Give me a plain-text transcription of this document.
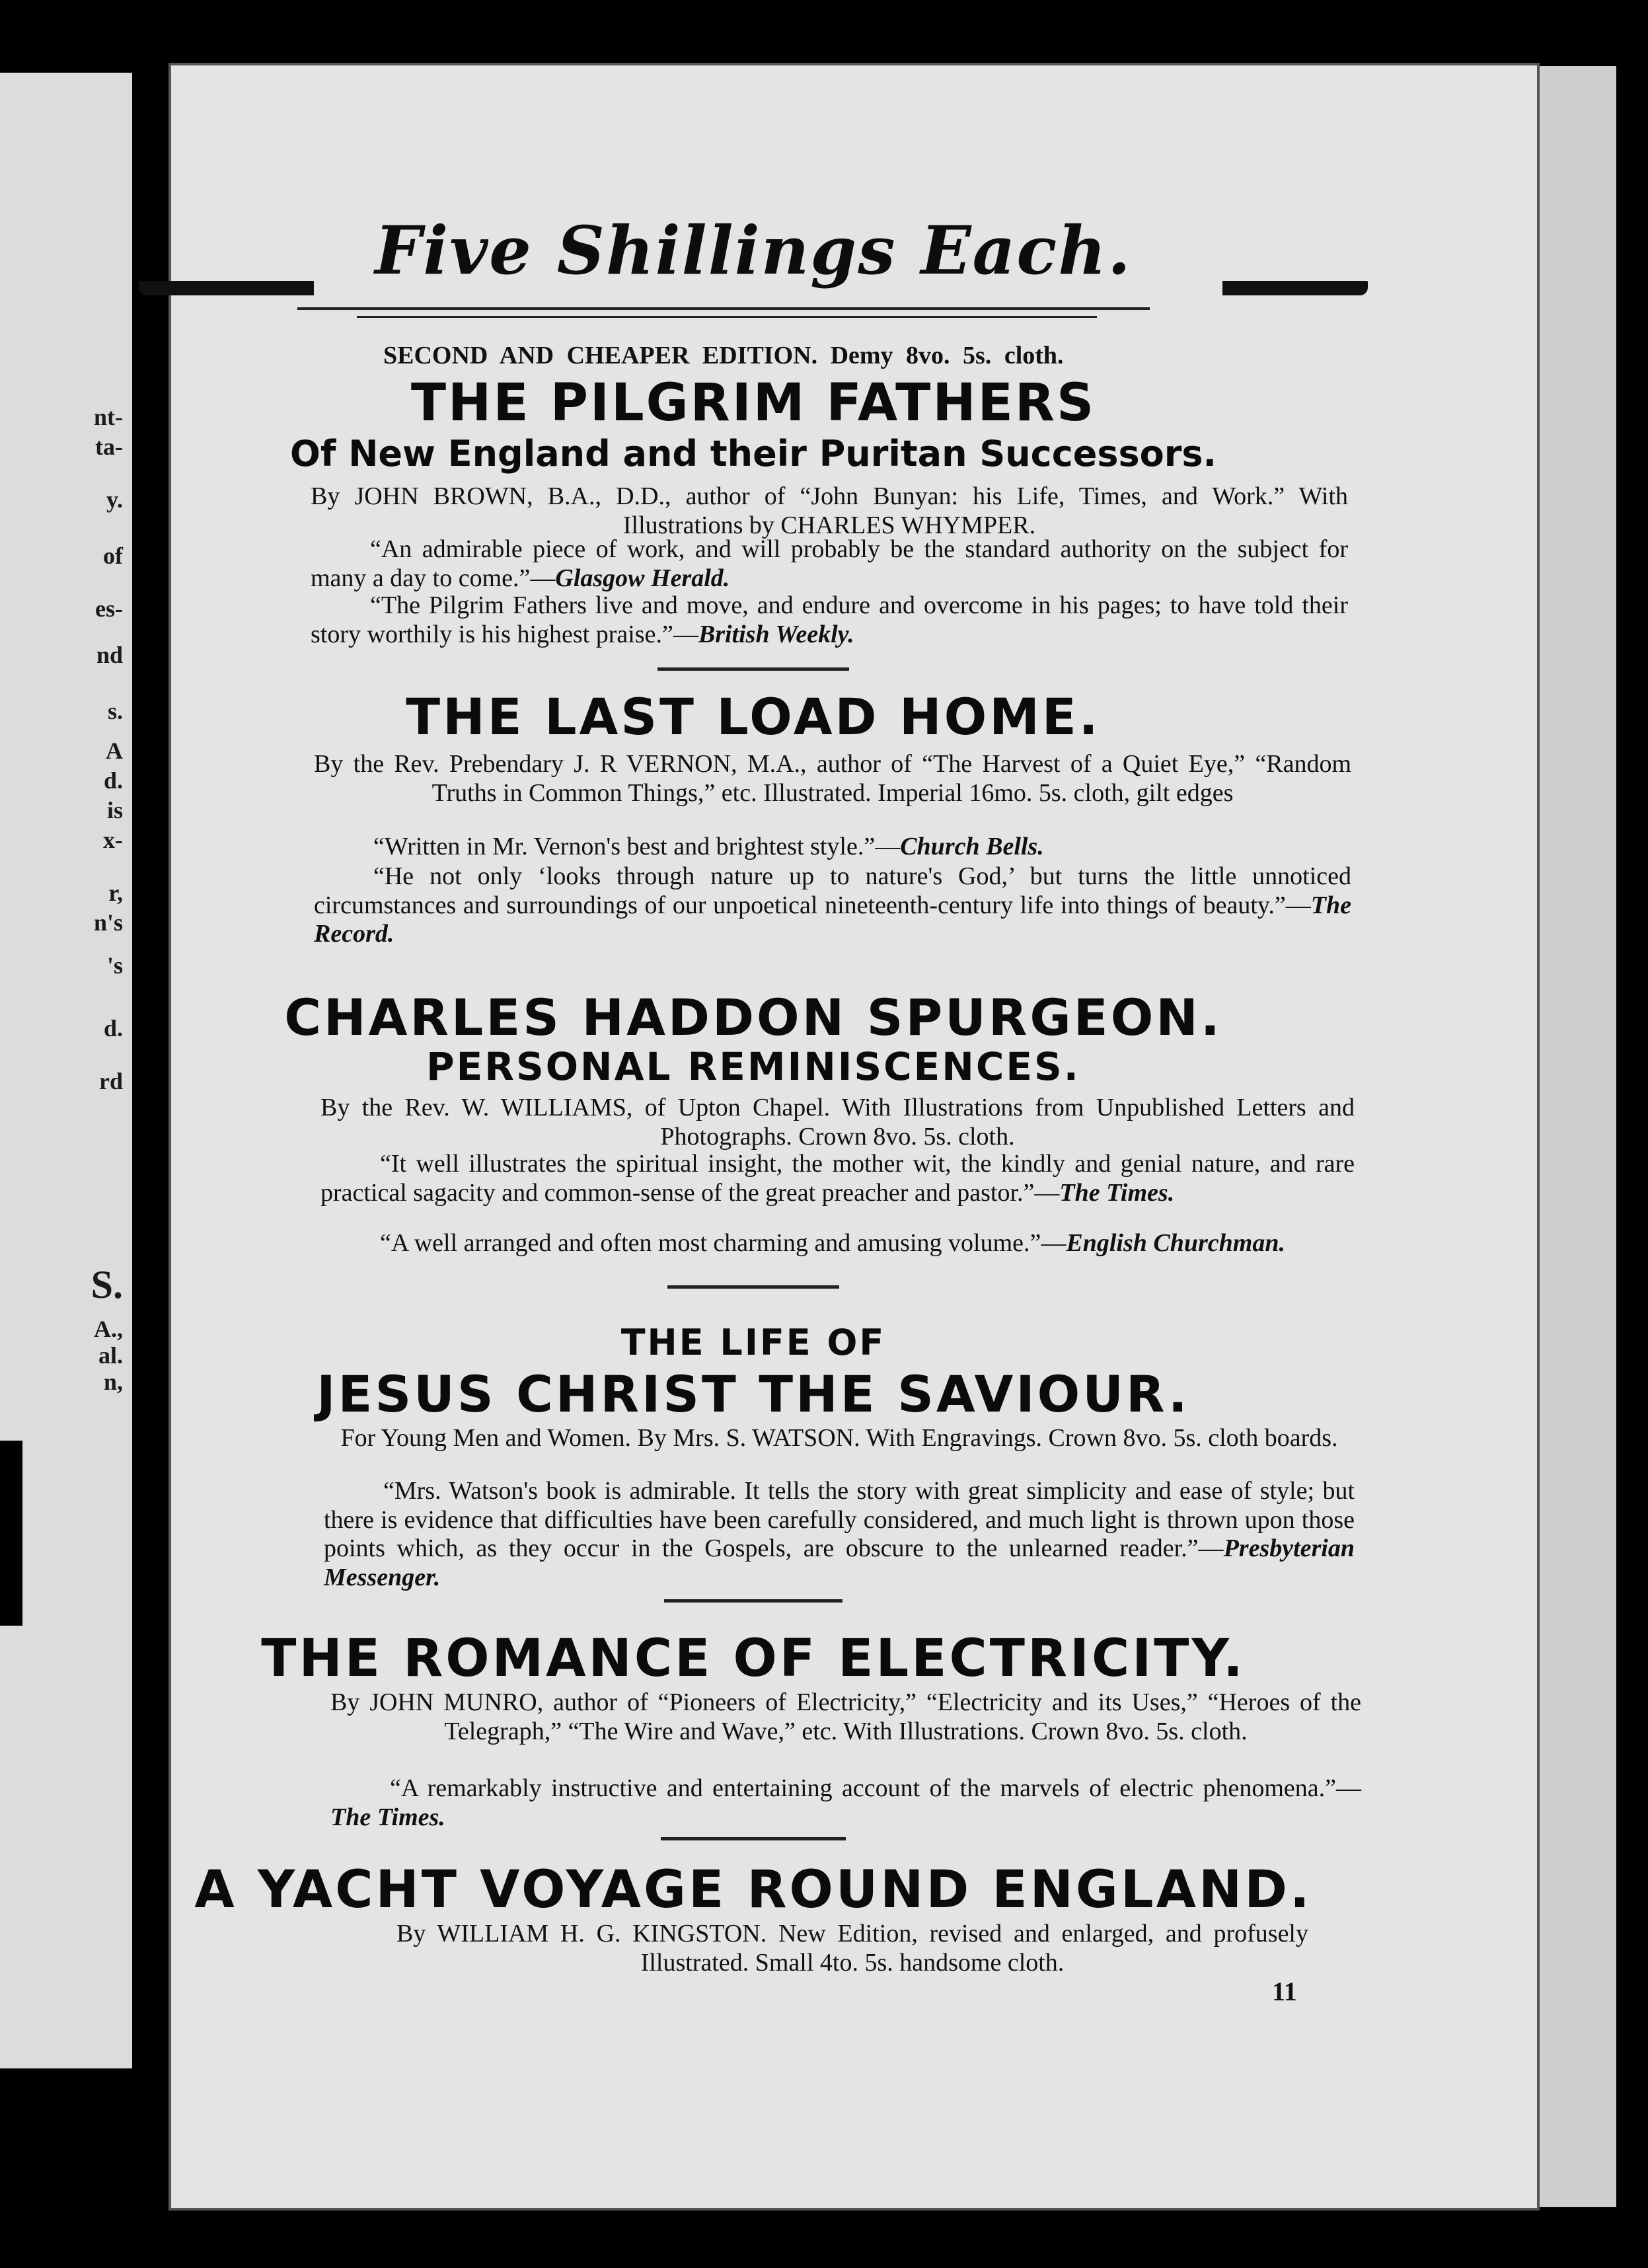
nt-
ta-
y.
of
es-
nd
s.
A
d.
is
x-
r,
n's
's
d.
rd
S.
A.,
al.
n,
Five Shillings Each.
SECOND AND CHEAPER EDITION. Demy 8vo. 5s. cloth.
THE PILGRIM FATHERS
Of New England and their Puritan Successors.
By JOHN BROWN, B.A., D.D., author of “John Bunyan: his Life, Times, and Work.” With Illustrations by CHARLES WHYMPER.
“An admirable piece of work, and will probably be the standard authority on the subject for many a day to come.”—Glasgow Herald.
“The Pilgrim Fathers live and move, and endure and overcome in his pages; to have told their story worthily is his highest praise.”—British Weekly.
THE LAST LOAD HOME.
By the Rev. Prebendary J. R VERNON, M.A., author of “The Harvest of a Quiet Eye,” “Random Truths in Common Things,” etc. Illustrated. Imperial 16mo. 5s. cloth, gilt edges
“Written in Mr. Vernon's best and brightest style.”—Church Bells.
“He not only ‘looks through nature up to nature's God,’ but turns the little unnoticed circumstances and surroundings of our unpoetical nineteenth-century life into things of beauty.”—The Record.
CHARLES HADDON SPURGEON.
PERSONAL REMINISCENCES.
By the Rev. W. WILLIAMS, of Upton Chapel. With Illustrations from Unpublished Letters and Photographs. Crown 8vo. 5s. cloth.
“It well illustrates the spiritual insight, the mother wit, the kindly and genial nature, and rare practical sagacity and common-sense of the great preacher and pastor.”—The Times.
“A well arranged and often most charming and amusing volume.”—English Churchman.
THE LIFE OF
JESUS CHRIST THE SAVIOUR.
For Young Men and Women. By Mrs. S. WATSON. With Engravings. Crown 8vo. 5s. cloth boards.
“Mrs. Watson's book is admirable. It tells the story with great simplicity and ease of style; but there is evidence that difficulties have been carefully considered, and much light is thrown upon those points which, as they occur in the Gospels, are obscure to the unlearned reader.”—Presbyterian Messenger.
THE ROMANCE OF ELECTRICITY.
By JOHN MUNRO, author of “Pioneers of Electricity,” “Electricity and its Uses,” “Heroes of the Telegraph,” “The Wire and Wave,” etc. With Illustrations. Crown 8vo. 5s. cloth.
“A remarkably instructive and entertaining account of the marvels of electric phenomena.”—The Times.
A YACHT VOYAGE ROUND ENGLAND.
By WILLIAM H. G. KINGSTON. New Edition, revised and enlarged, and profusely Illustrated. Small 4to. 5s. handsome cloth.
11
